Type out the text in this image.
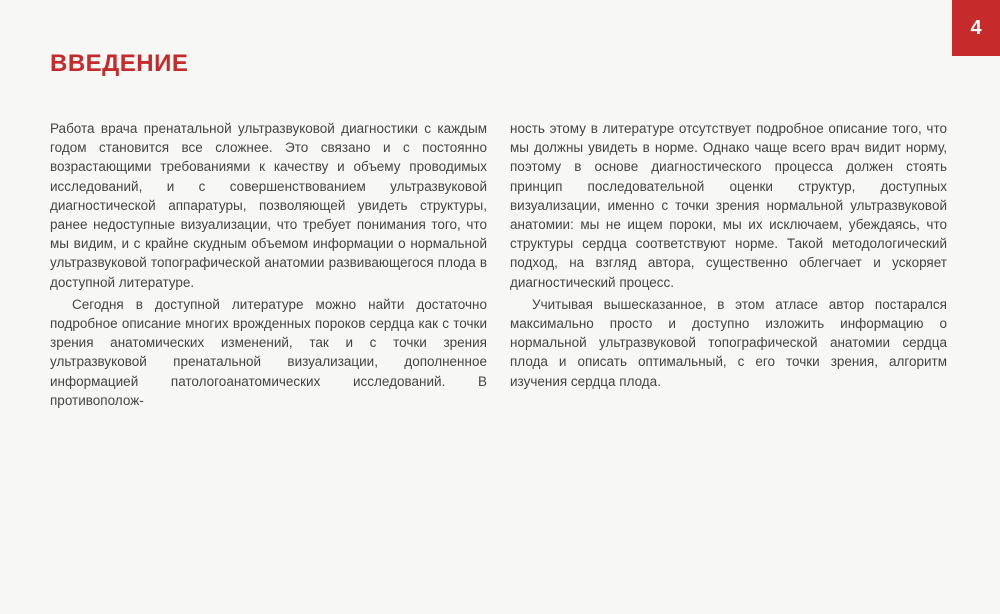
4
ВВЕДЕНИЕ

Работа врача пренатальной ультразвуковой диагностики с каждым годом становится все сложнее. Это связано и с постоянно возрастающими требованиями к качеству и объему проводимых исследований, и с совершенствованием ультразвуковой диагностической аппаратуры, позволяющей увидеть структуры, ранее недоступные визуализации, что требует понимания того, что мы видим, и с крайне скудным объемом информации о нормальной ультразвуковой топографической анатомии развивающегося плода в доступной литературе.

Сегодня в доступной литературе можно найти достаточно подробное описание многих врожденных пороков сердца как с точки зрения анатомических изменений, так и с точки зрения ультразвуковой пренатальной визуализации, дополненное информацией патологоанатомических исследований. В противополож-

ность этому в литературе отсутствует подробное описание того, что мы должны увидеть в норме. Однако чаще всего врач видит норму, поэтому в основе диагностического процесса должен стоять принцип последовательной оценки структур, доступных визуализации, именно с точки зрения нормальной ультразвуковой анатомии: мы не ищем пороки, мы их исключаем, убеждаясь, что структуры сердца соответствуют норме. Такой методологический подход, на взгляд автора, существенно облегчает и ускоряет диагностический процесс.

Учитывая вышесказанное, в этом атласе автор постарался максимально просто и доступно изложить информацию о нормальной ультразвуковой топографической анатомии сердца плода и описать оптимальный, с его точки зрения, алгоритм изучения сердца плода.
